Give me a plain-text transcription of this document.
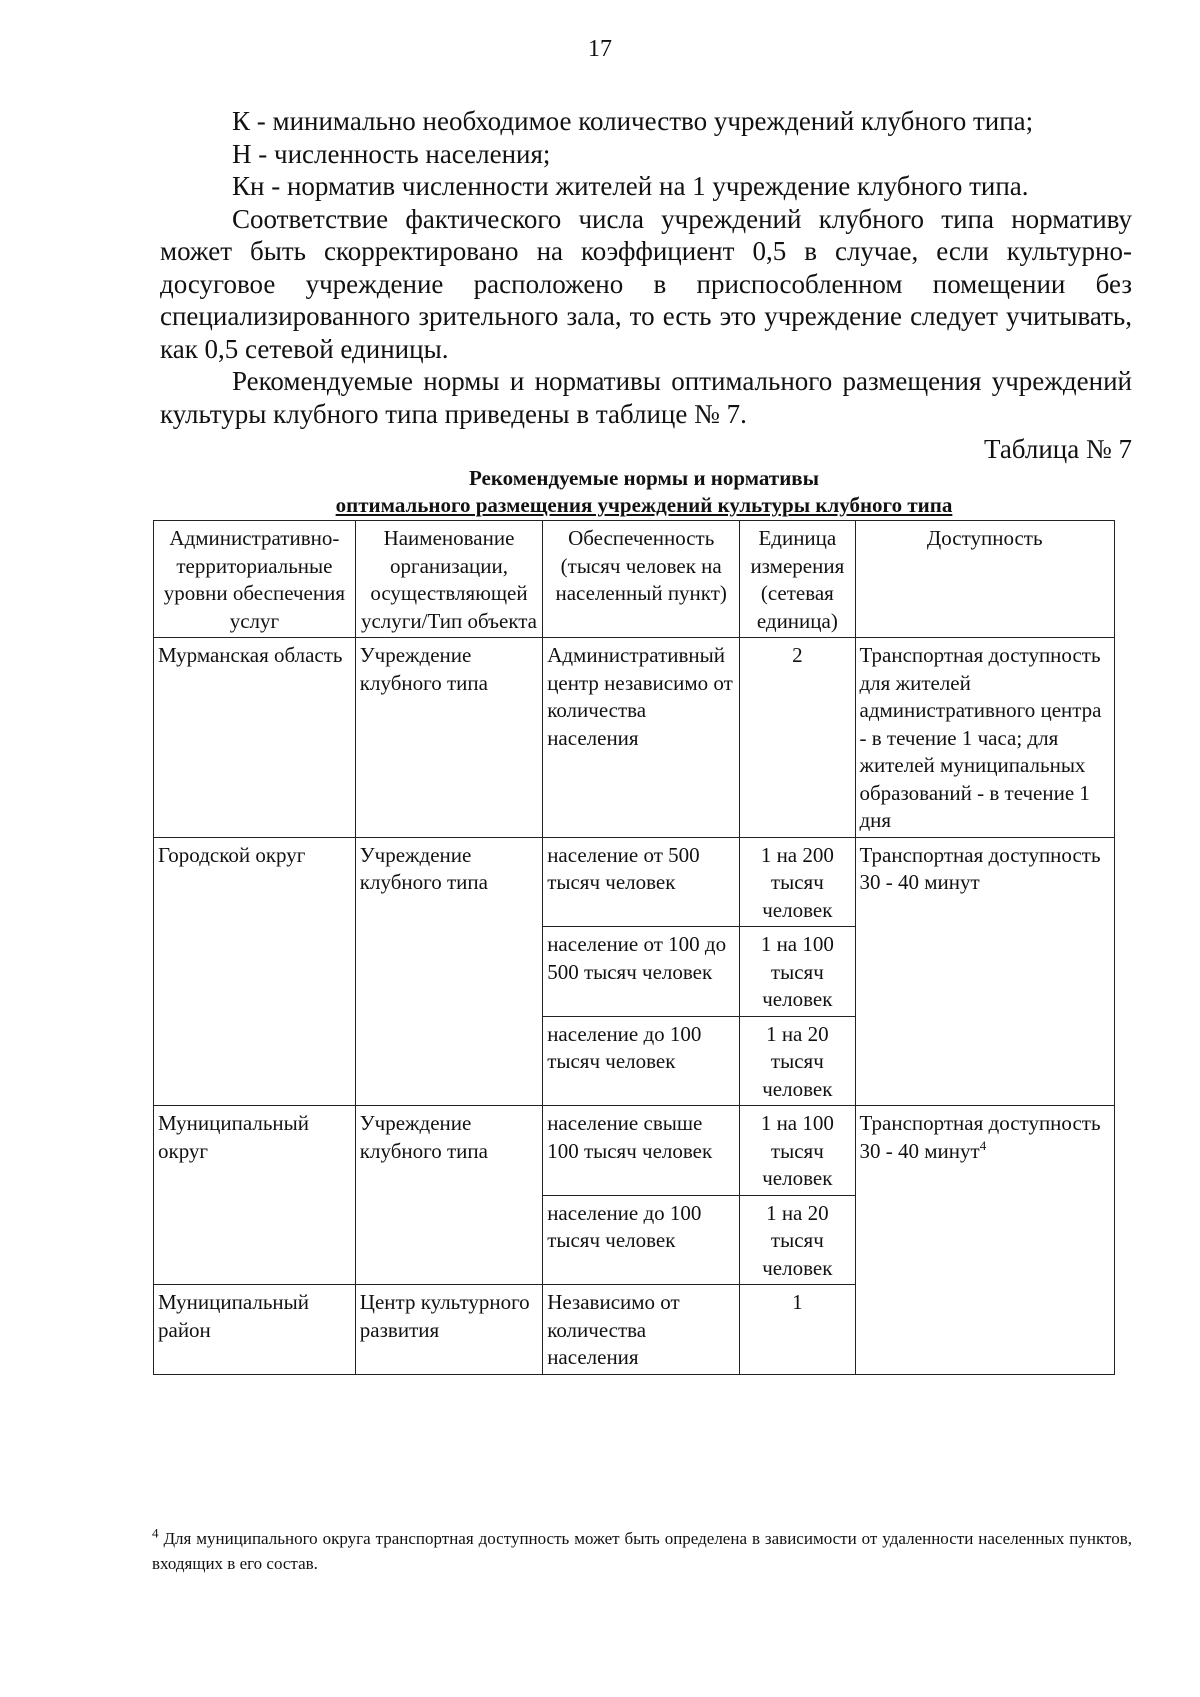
17

К - минимально необходимое количество учреждений клубного типа;

Н - численность населения;

Кн - норматив численности жителей на 1 учреждение клубного типа.

Соответствие фактического числа учреждений клубного типа нормативу может быть скорректировано на коэффициент 0,5 в случае, если культурно-досуговое учреждение расположено в приспособленном помещении без специализированного зрительного зала, то есть это учреждение следует учитывать, как 0,5 сетевой единицы.

Рекомендуемые нормы и нормативы оптимального размещения учреждений культуры клубного типа приведены в таблице № 7.

Таблица № 7
Рекомендуемые нормы и нормативы
оптимального размещения учреждений культуры клубного типа
Административно-территориальные уровни обеспечения услуг	Наименование организации, осуществляющей услуги/Тип объекта	Обеспеченность (тысяч человек на населенный пункт)	Единица измерения (сетевая единица)	Доступность
Мурманская область	Учреждение клубного типа	Административный центр независимо от количества населения	2	Транспортная доступность для жителей административного центра - в течение 1 часа; для жителей муниципальных образований - в течение 1 дня
Городской округ	Учреждение клубного типа	население от 500 тысяч человек	1 на 200 тысяч человек	Транспортная доступность 30 - 40 минут
		население от 100 до 500 тысяч человек	1 на 100 тысяч человек	
		население до 100 тысяч человек	1 на 20 тысяч человек	
Муниципальный округ	Учреждение клубного типа	население свыше 100 тысяч человек	1 на 100 тысяч человек	Транспортная доступность 30 - 40 минут$^4$
		население до 100 тысяч человек	1 на 20 тысяч человек	
Муниципальный район	Центр культурного развития	Независимо от количества населения	1	
$^4$ Для муниципального округа транспортная доступность может быть определена в зависимости от удаленности населенных пунктов, входящих в его состав.
